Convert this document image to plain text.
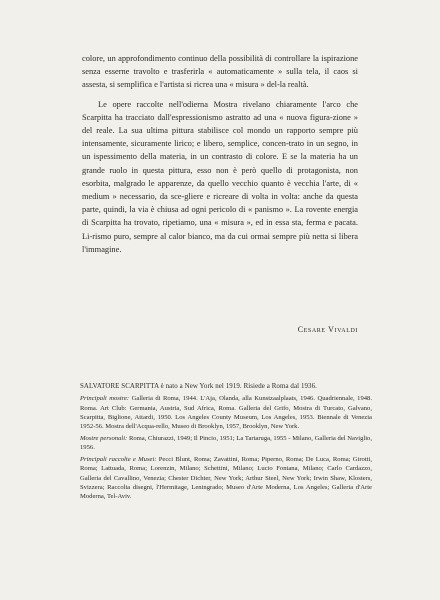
colore, un approfondimento continuo della possibilità di controllare la ispirazione senza esserne travolto e trasferirla « automaticamente » sulla tela, il caos si assesta, si semplifica e l'artista si ricrea una « misura » del-la realtà.

Le opere raccolte nell'odierna Mostra rivelano chiaramente l'arco che Scarpitta ha tracciato dall'espressionismo astratto ad una « nuova figura-zione » del reale. La sua ultima pittura stabilisce col mondo un rapporto sempre più intensamente, sicuramente lirico; e libero, semplice, concen-trato in un segno, in un ispessimento della materia, in un contrasto di colore. E se la materia ha un grande ruolo in questa pittura, esso non è però quello di protagonista, non esorbita, malgrado le apparenze, da quello vecchio quanto è vecchia l'arte, di « medium » necessario, da sce-gliere e ricreare di volta in volta: anche da questa parte, quindi, la via è chiusa ad ogni pericolo di « panismo ». La rovente energia di Scarpitta ha trovato, ripetiamo, una « misura », ed in essa sta, ferma e pacata. Li-rismo puro, sempre al calor bianco, ma da cui ormai sempre più netta si libera l'immagine.

Cesare Vivaldi

SALVATORE SCARPITTA è nato a New York nel 1919. Risiede a Roma dal 1936.

Principali mostre: Galleria di Roma, 1944. L'Aja, Olanda, alla Kunstzaalplaats, 1946. Quadriennale, 1948. Roma. Art Club: Germania, Austria, Sud Africa, Roma. Galleria del Grifo, Mostra di Turcato, Galvano, Scarpitta, Biglione, Attardi, 1950. Los Angeles County Museum, Los Angeles, 1953. Biennale di Venezia 1952-56. Mostra dell'Acqua-rello, Museo di Brooklyn, 1957, Brooklyn, New York.

Mostre personali: Roma, Chiurazzi, 1949; Il Pincio, 1951; La Tartaruga, 1955 - Milano, Galleria del Naviglio, 1956.

Principali raccolte e Musei: Pecci Blunt, Roma; Zavattini, Roma; Piperno, Roma; De Luca, Roma; Girotti, Roma; Lattuada, Roma; Lorenzin, Milano; Schettini, Milano; Lucio Fontana, Milano; Carlo Cardazzo, Galleria del Cavallino, Venezia; Chester Dichter, New York; Arthur Steel, New York; Irwin Shaw, Klosters, Svizzera; Raccolta disegni, l'Hermitage, Leningrado; Museo d'Arte Moderna, Los Angeles; Galleria d'Arte Moderna, Tel-Aviv.
